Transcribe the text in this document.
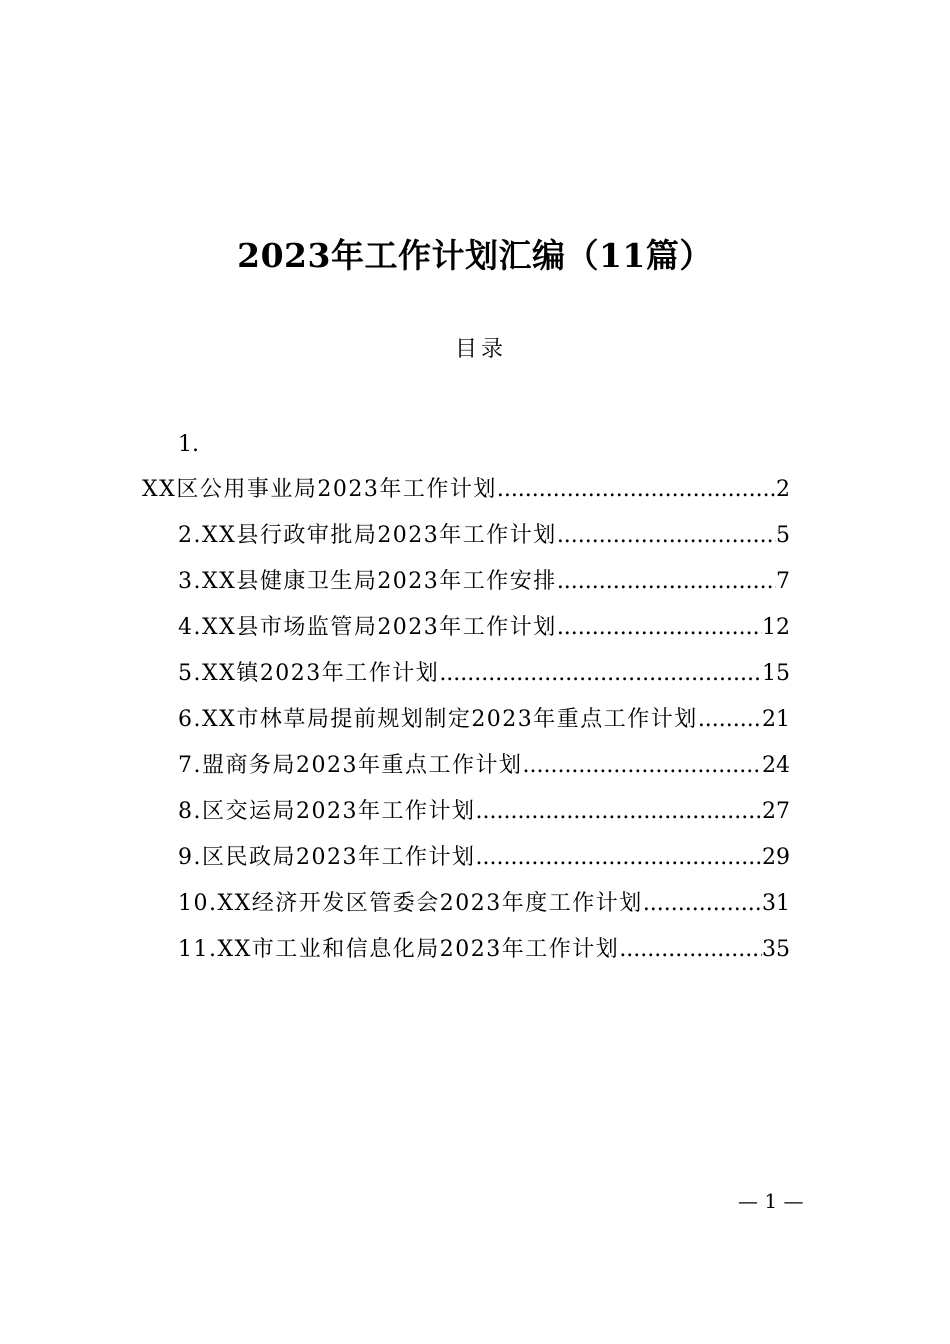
2023年工作计划汇编（11篇）
目录
1.
XX区公用事业局2023年工作计划 .....	2
2.XX县行政审批局2023年工作计划 .....	5
3.XX县健康卫生局2023年工作安排 .....	7
4.XX县市场监管局2023年工作计划 .....	12
5.XX镇2023年工作计划 .....	15
6.XX市林草局提前规划制定2023年重点工作计划 .....	21
7.盟商务局2023年重点工作计划 .....	24
8.区交运局2023年工作计划 .....	27
9.区民政局2023年工作计划 .....	29
10.XX经济开发区管委会2023年度工作计划 .....	31
11.XX市工业和信息化局2023年工作计划 .....	35
— 1 —
